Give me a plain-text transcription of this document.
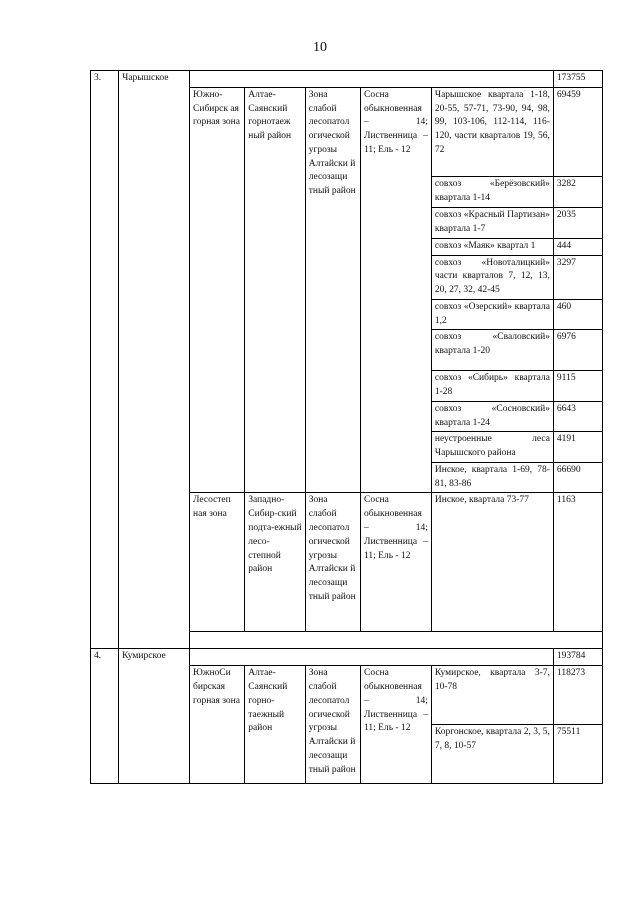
10
3.	Чарышское						173755
		Южно-Сибирск ая горная зона	Алтае-Саянский горнотаеж ный район	Зона слабой лесопатол огической угрозы Алтайски й лесозащи тный район	Сосна обыкновенная – 14; Лиственница – 11; Ель - 12	Чарышское квартала 1-18, 20-55, 57-71, 73-90, 94, 98, 99, 103-106, 112-114, 116-120, части кварталов 19, 56, 72	69459
						совхоз «Берёзовский» квартала 1-14	3282
						совхоз «Красный Партизан» квартала 1-7	2035
						совхоз «Маяк» квартал 1	444
						совхоз «Новоталицкий» части кварталов 7, 12, 13, 20, 27, 32, 42-45	3297
						совхоз «Озерский» квартала 1,2	460
						совхоз «Сваловский» квартала 1-20	6976
						совхоз «Сибирь» квартала 1-28	9115
						совхоз «Сосновский» квартала 1-24	6643
						неустроенные леса Чарышского района	4191
						Инское, квартала 1-69, 78-81, 83-86	66690
		Лесостеп ная зона	Западно-Сибир-ский подта-ежный лесо-степной район	Зона слабой лесопатол огической угрозы Алтайски й лесозащи тный район	Сосна обыкновенная – 14; Лиственница – 11; Ель - 12	Инское, квартала 73-77	1163

4.	Кумирское						193784
		ЮжноСи бирская горная зона	Алтае-Саянский горно-таежный район	Зона слабой лесопатол огической угрозы Алтайски й лесозащи тный район	Сосна обыкновенная – 14; Лиственница – 11; Ель - 12	Кумирское, квартала 3-7, 10-78	118273
						Коргонское, квартала 2, 3, 5, 7, 8, 10-57	75511
